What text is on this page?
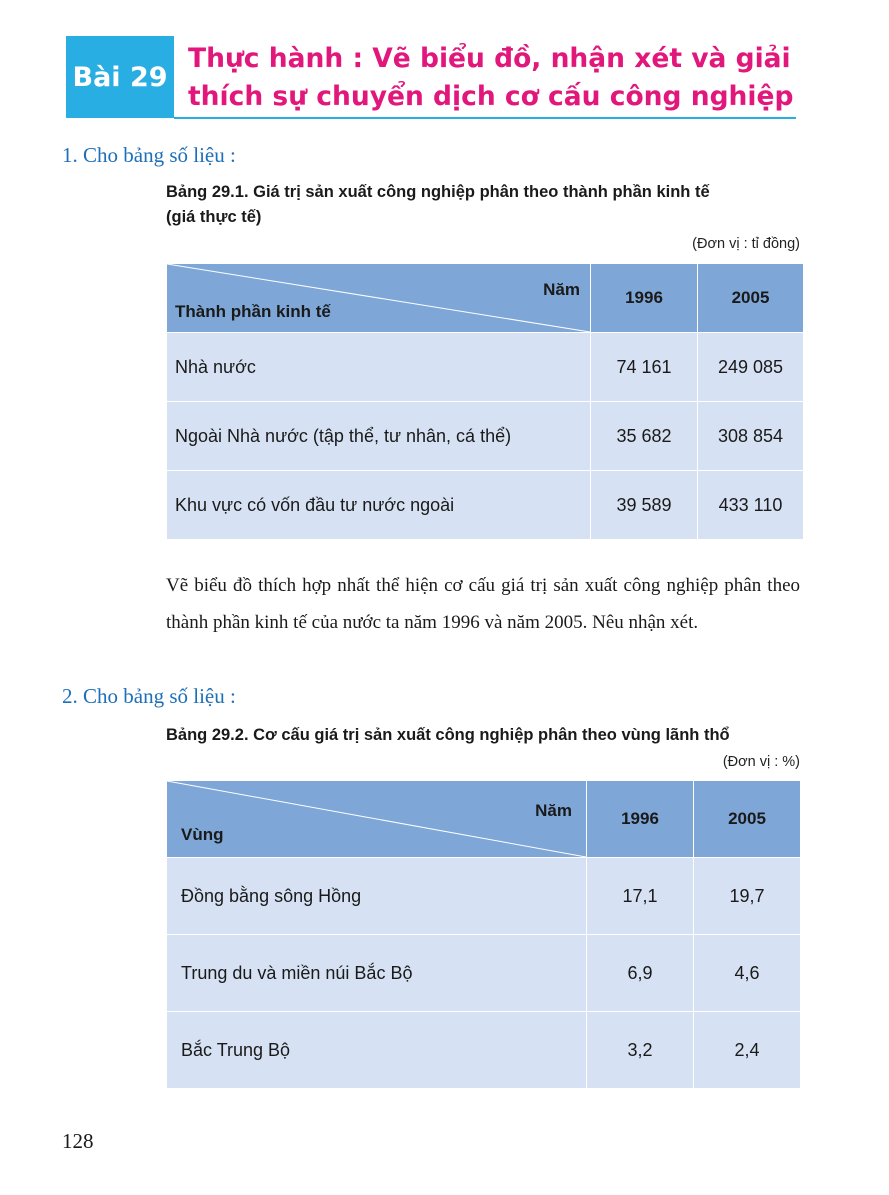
Bài 29
Thực hành : Vẽ biểu đồ, nhận xét và giải
thích sự chuyển dịch cơ cấu công nghiệp
1. Cho bảng số liệu :
Bảng 29.1. Giá trị sản xuất công nghiệp phân theo thành phần kinh tế
(giá thực tế)
(Đơn vị : tỉ đồng)
Năm
Thành phần kinh tế	1996	2005
Nhà nước	74 161	249 085
Ngoài Nhà nước (tập thể, tư nhân, cá thể)	35 682	308 854
Khu vực có vốn đầu tư nước ngoài	39 589	433 110
Vẽ biểu đồ thích hợp nhất thể hiện cơ cấu giá trị sản xuất công nghiệp phân theo thành phần kinh tế của nước ta năm 1996 và năm 2005. Nêu nhận xét.
2. Cho bảng số liệu :
Bảng 29.2. Cơ cấu giá trị sản xuất công nghiệp phân theo vùng lãnh thổ
(Đơn vị : %)
Năm
Vùng	1996	2005
Đồng bằng sông Hồng	17,1	19,7
Trung du và miền núi Bắc Bộ	6,9	4,6
Bắc Trung Bộ	3,2	2,4
128
